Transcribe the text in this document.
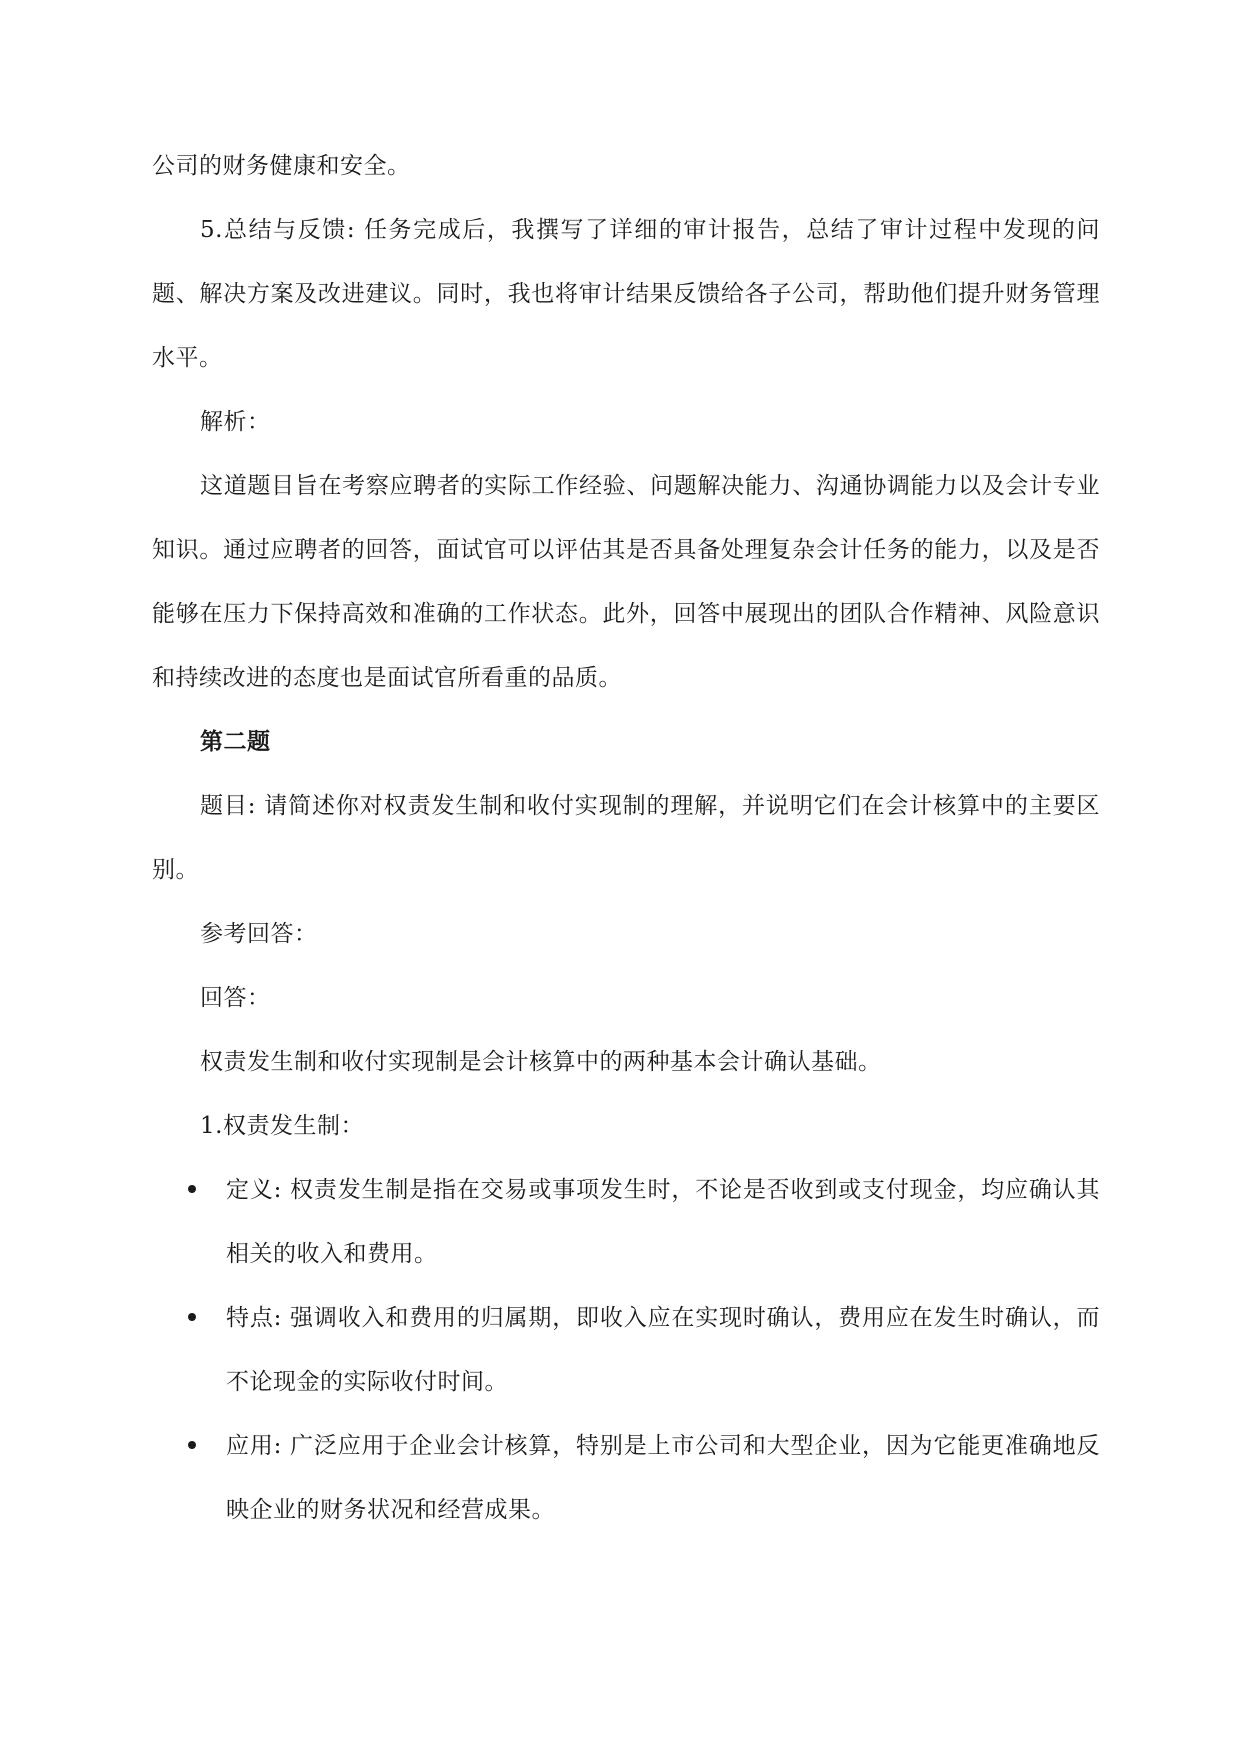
公司的财务健康和安全。

5.总结与反馈: 任务完成后，我撰写了详细的审计报告，总结了审计过程中发现的问题、解决方案及改进建议。同时，我也将审计结果反馈给各子公司，帮助他们提升财务管理水平。

解析：

这道题目旨在考察应聘者的实际工作经验、问题解决能力、沟通协调能力以及会计专业知识。通过应聘者的回答，面试官可以评估其是否具备处理复杂会计任务的能力，以及是否能够在压力下保持高效和准确的工作状态。此外，回答中展现出的团队合作精神、风险意识和持续改进的态度也是面试官所看重的品质。

第二题

题目: 请简述你对权责发生制和收付实现制的理解，并说明它们在会计核算中的主要区别。

参考回答：

回答：

权责发生制和收付实现制是会计核算中的两种基本会计确认基础。

1.权责发生制：

定义: 权责发生制是指在交易或事项发生时，不论是否收到或支付现金，均应确认其相关的收入和费用。
特点: 强调收入和费用的归属期，即收入应在实现时确认，费用应在发生时确认，而不论现金的实际收付时间。
应用: 广泛应用于企业会计核算，特别是上市公司和大型企业，因为它能更准确地反映企业的财务状况和经营成果。
